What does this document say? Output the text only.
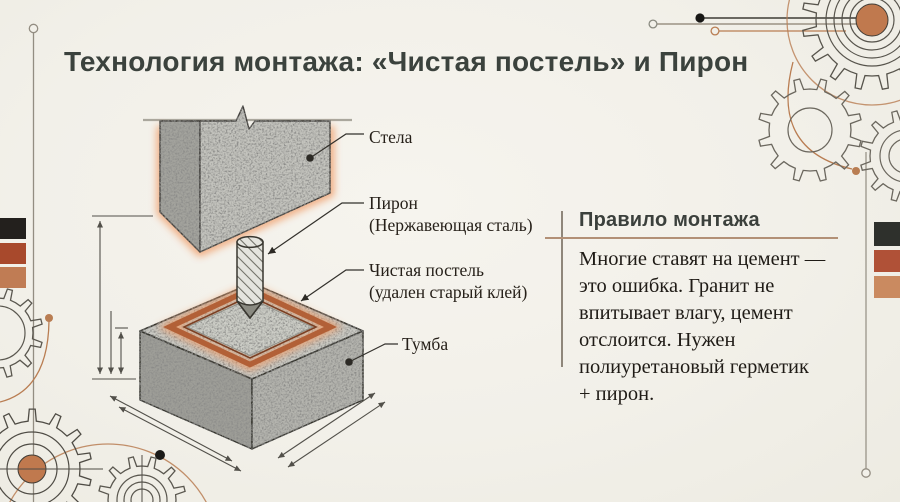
Технология монтажа: «Чистая постель» и Пирон
Стела
Пирон
(Нержавеющая сталь)
Чистая постель
(удален старый клей)
Тумба
Правило монтажа
Многие ставят на цемент —
это ошибка. Гранит не
впитывает влагу, цемент
отслоится. Нужен
полиуретановый герметик
+ пирон.
